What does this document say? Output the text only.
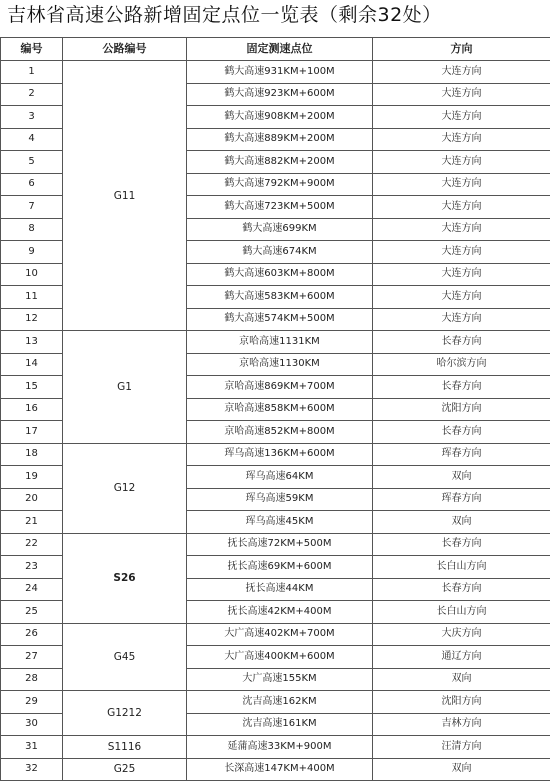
吉林省高速公路新增固定点位一览表（剩余32处）
编号	公路编号	固定测速点位	方向
1	G11	鹤大高速931KM+100M	大连方向
2		鹤大高速923KM+600M	大连方向
3		鹤大高速908KM+200M	大连方向
4		鹤大高速889KM+200M	大连方向
5		鹤大高速882KM+200M	大连方向
6		鹤大高速792KM+900M	大连方向
7		鹤大高速723KM+500M	大连方向
8		鹤大高速699KM	大连方向
9		鹤大高速674KM	大连方向
10		鹤大高速603KM+800M	大连方向
11		鹤大高速583KM+600M	大连方向
12		鹤大高速574KM+500M	大连方向
13	G1	京哈高速1131KM	长春方向
14		京哈高速1130KM	哈尔滨方向
15		京哈高速869KM+700M	长春方向
16		京哈高速858KM+600M	沈阳方向
17		京哈高速852KM+800M	长春方向
18	G12	珲乌高速136KM+600M	珲春方向
19		珲乌高速64KM	双向
20		珲乌高速59KM	珲春方向
21		珲乌高速45KM	双向
22	S26	抚长高速72KM+500M	长春方向
23		抚长高速69KM+600M	长白山方向
24		抚长高速44KM	长春方向
25		抚长高速42KM+400M	长白山方向
26	G45	大广高速402KM+700M	大庆方向
27		大广高速400KM+600M	通辽方向
28		大广高速155KM	双向
29	G1212	沈吉高速162KM	沈阳方向
30		沈吉高速161KM	吉林方向
31	S1116	延蒲高速33KM+900M	汪清方向
32	G25	长深高速147KM+400M	双向
